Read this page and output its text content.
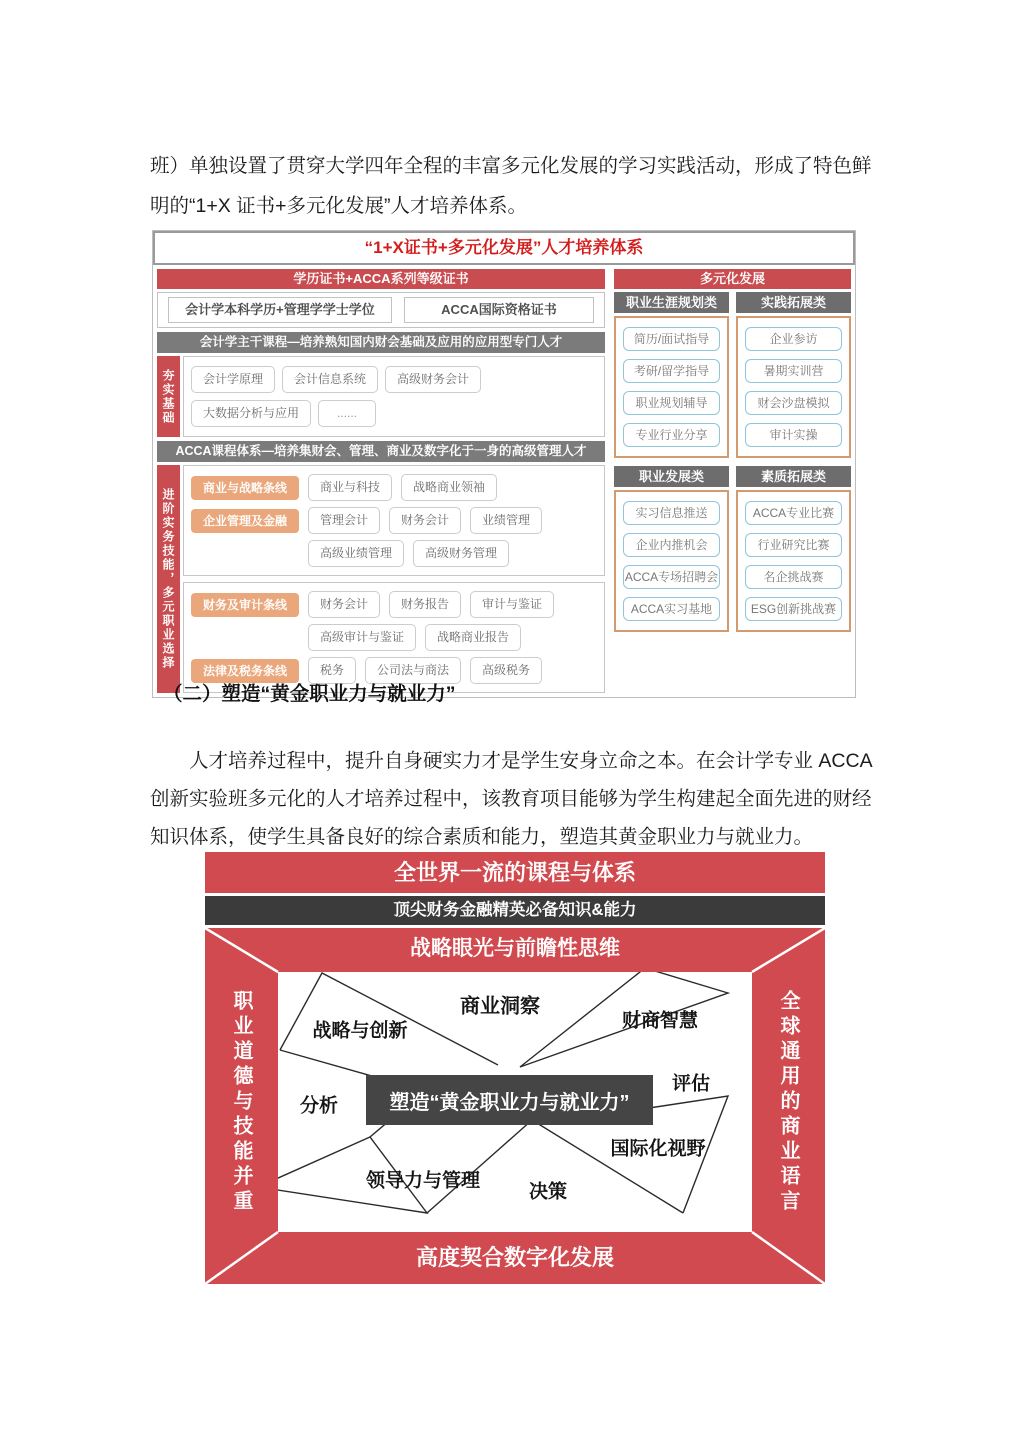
班）单独设置了贯穿大学四年全程的丰富多元化发展的学习实践活动，形成了特色鲜明的“1+X 证书+多元化发展”人才培养体系。

“1+X证书+多元化发展”人才培养体系
学历证书+ACCA系列等级证书
会计学本科学历+管理学学士学位	ACCA国际资格证书
会计学主干课程—培养熟知国内财会基础及应用的应用型专门人才
夯实基础	会计学原理	会计信息系统	高级财务会计
大数据分析与应用	......
ACCA课程体系—培养集财会、管理、商业及数字化于一身的高级管理人才
进阶实务技能，多元职业选择
商业与战略条线	商业与科技	战略商业领袖
企业管理及金融	管理会计	财务会计	业绩管理
高级业绩管理	高级财务管理
财务及审计条线	财务会计	财务报告	审计与鉴证
高级审计与鉴证	战略商业报告
法律及税务条线	税务	公司法与商法	高级税务
多元化发展
职业生涯规划类
简历/面试指导
考研/留学指导
职业规划辅导
专业行业分享
实践拓展类
企业参访
暑期实训营
财会沙盘模拟
审计实操
职业发展类
实习信息推送
企业内推机会
ACCA专场招聘会
ACCA实习基地
素质拓展类
ACCA专业比赛
行业研究比赛
名企挑战赛
ESG创新挑战赛
（二）塑造“黄金职业力与就业力”

人才培养过程中，提升自身硬实力才是学生安身立命之本。在会计学专业 ACCA 创新实验班多元化的人才培养过程中，该教育项目能够为学生构建起全面先进的财经知识体系，使学生具备良好的综合素质和能力，塑造其黄金职业力与就业力。

全世界一流的课程与体系
顶尖财务金融精英必备知识&能力
商业洞察
战略与创新	财商智慧
分析
评估
领导力与管理
决策
国际化视野
塑造“黄金职业力与就业力”
战略眼光与前瞻性思维
职业道德与技能并重	全球通用的商业语言
高度契合数字化发展
